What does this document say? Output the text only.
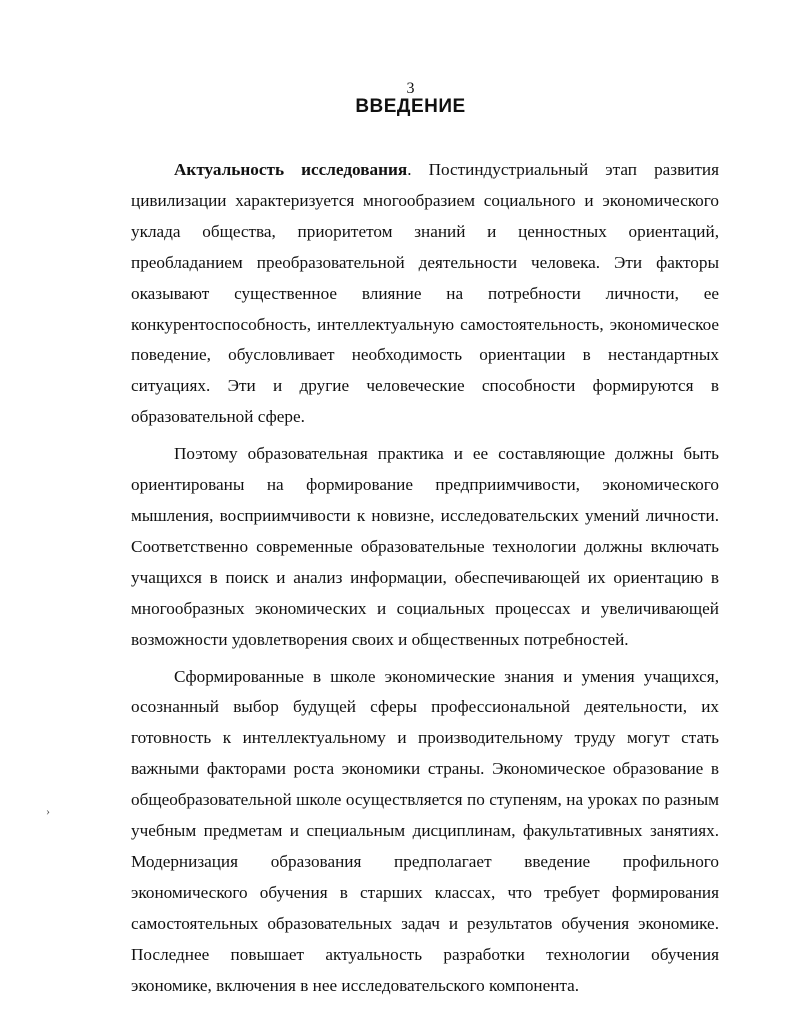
3
ВВЕДЕНИЕ

Актуальность исследования. Постиндустриальный этап развития цивилизации характеризуется многообразием социального и экономического уклада общества, приоритетом знаний и ценностных ориентаций, преобладанием преобразовательной деятельности человека. Эти факторы оказывают существенное влияние на потребности личности, ее конкурентоспособность, интеллектуальную самостоятельность, экономическое поведение, обусловливает необходимость ориентации в нестандартных ситуациях. Эти и другие человеческие способности формируются в образовательной сфере.

Поэтому образовательная практика и ее составляющие должны быть ориентированы на формирование предприимчивости, экономического мышления, восприимчивости к новизне, исследовательских умений личности. Соответственно современные образовательные технологии должны включать учащихся в поиск и анализ информации, обеспечивающей их ориентацию в многообразных экономических и социальных процессах и увеличивающей возможности удовлетворения своих и общественных потребностей.

Сформированные в школе экономические знания и умения учащихся, осознанный выбор будущей сферы профессиональной деятельности, их готовность к интеллектуальному и производительному труду могут стать важными факторами роста экономики страны. Экономическое образование в общеобразовательной школе осуществляется по ступеням, на уроках по разным учебным предметам и специальным дисциплинам, факультативных занятиях. Модернизация образования предполагает введение профильного экономического обучения в старших классах, что требует формирования самостоятельных образовательных задач и результатов обучения экономике. Последнее повышает актуальность разработки технологии обучения экономике, включения в нее исследовательского компонента.

›
